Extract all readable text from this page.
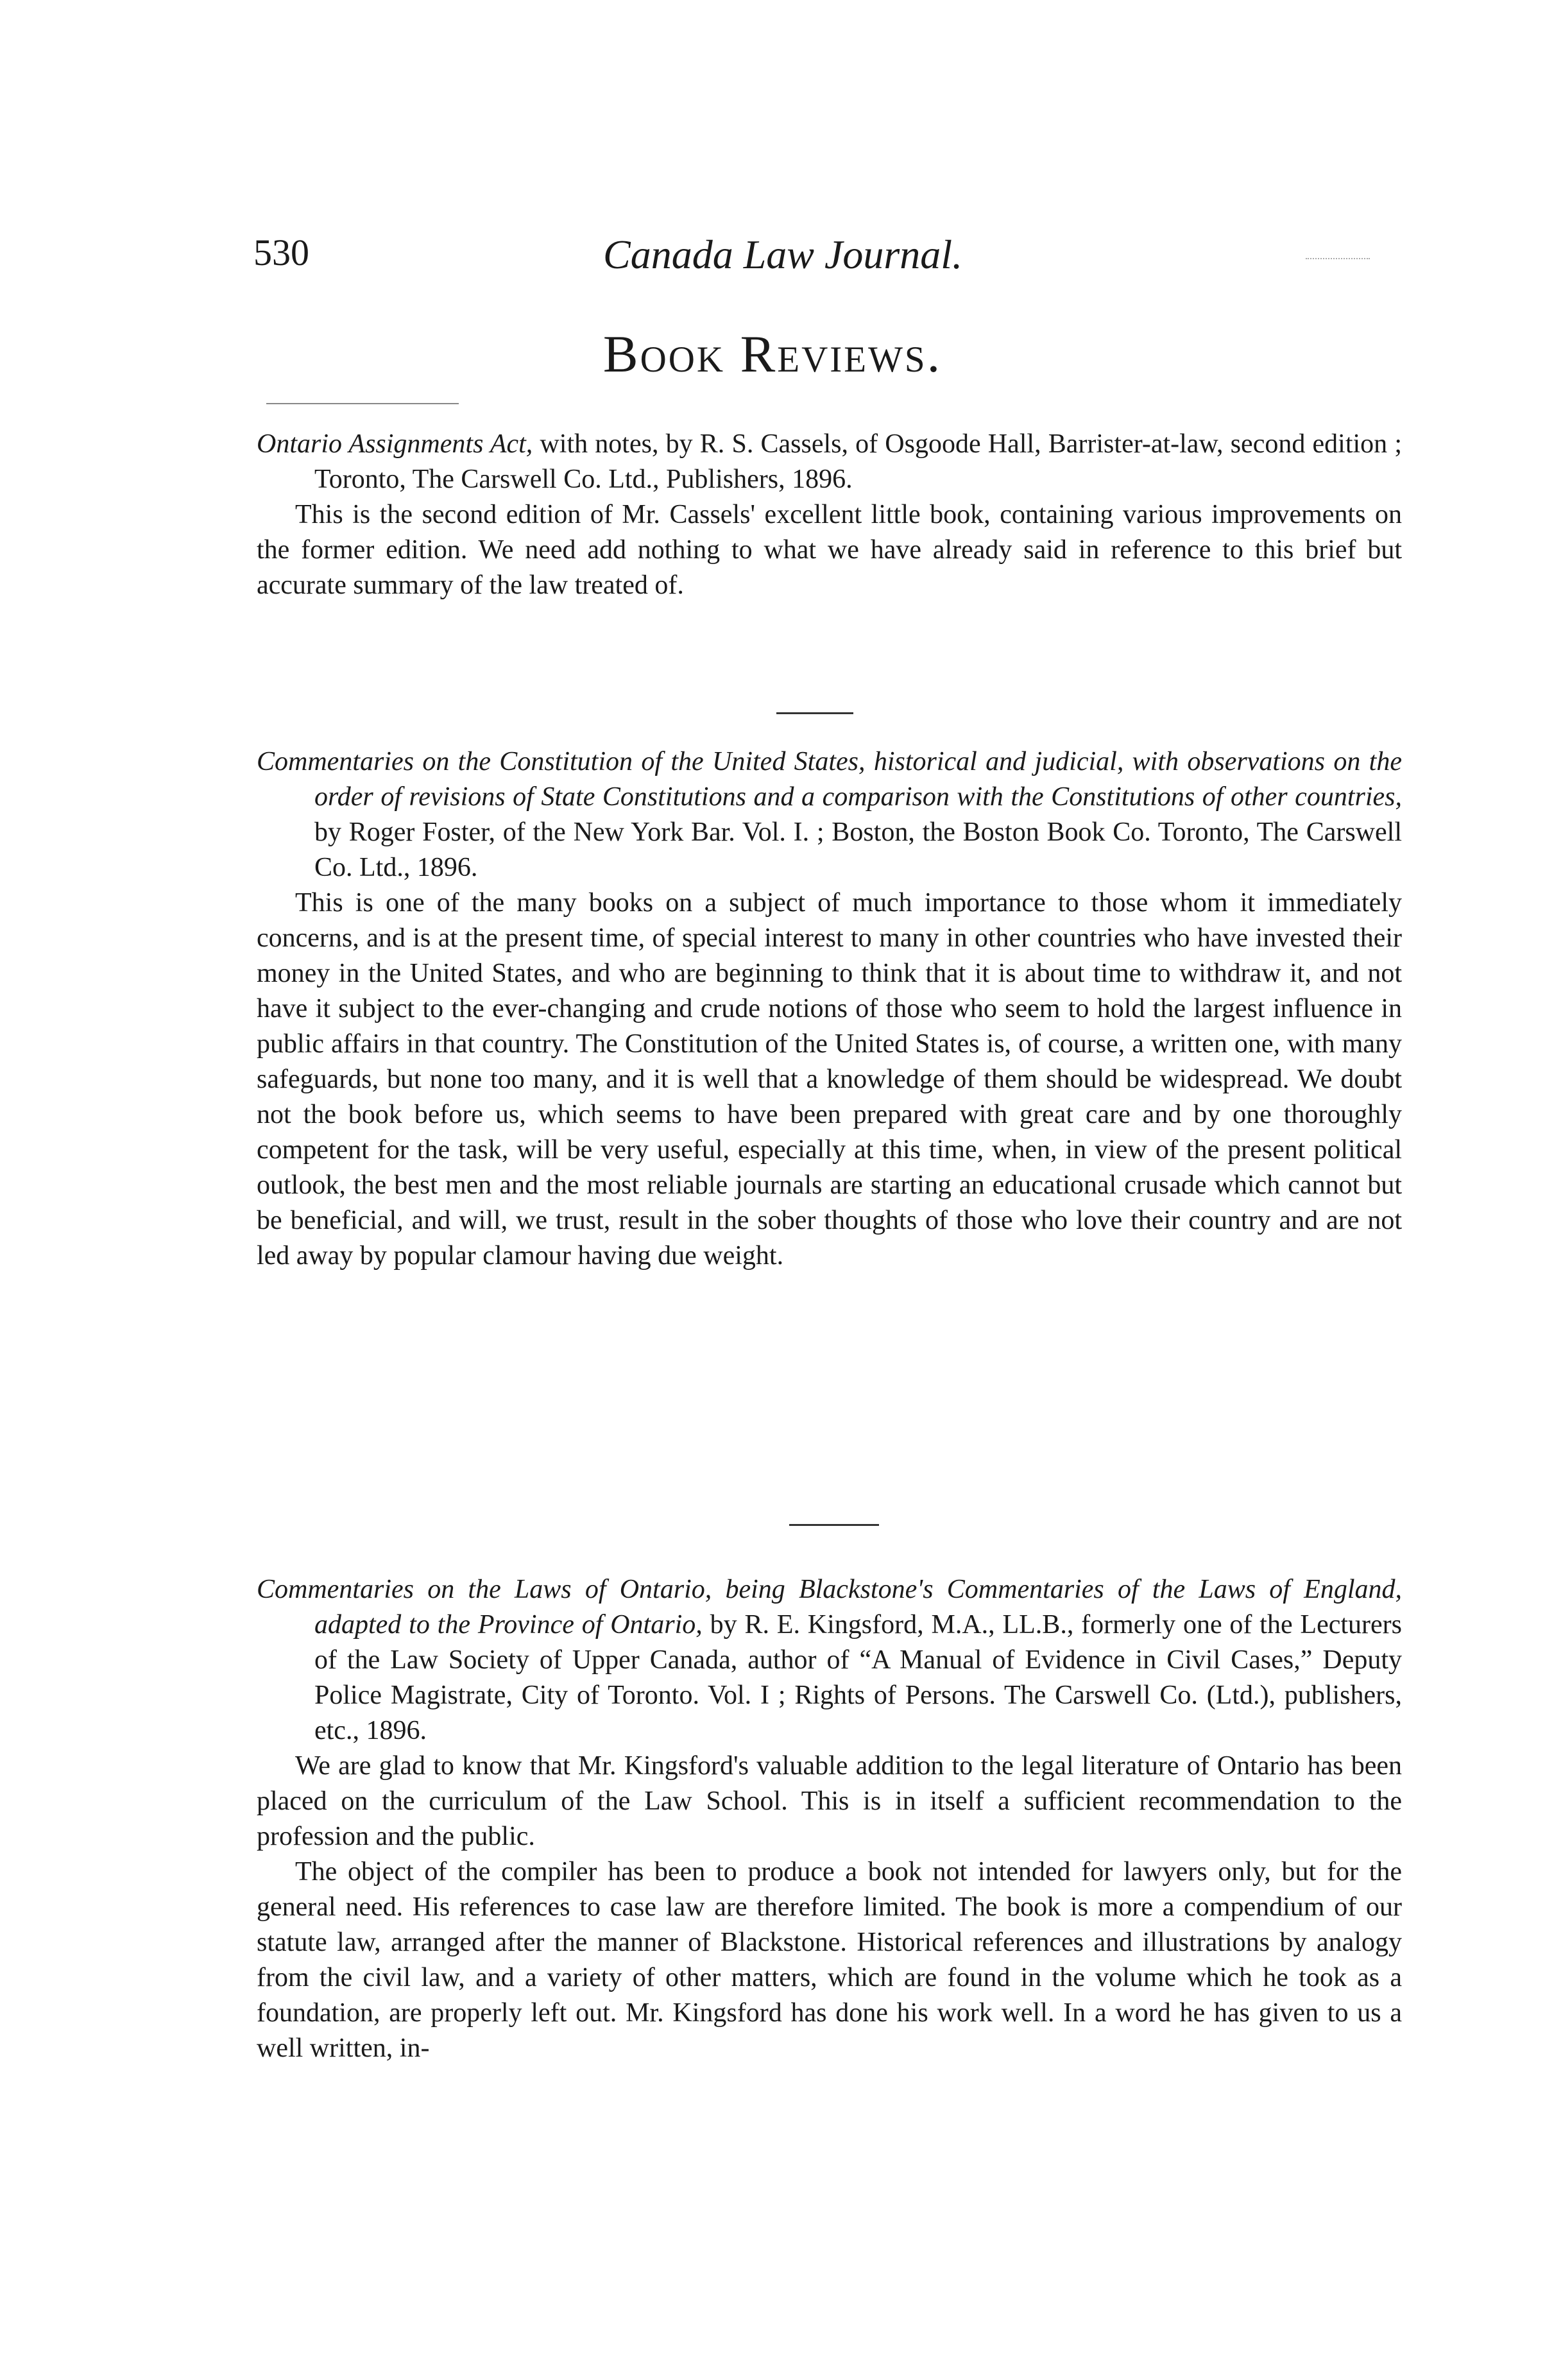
530	Canada Law Journal.
Book Reviews.

Ontario Assignments Act, with notes, by R. S. Cassels, of Osgoode Hall, Barrister-at-law, second edition ; Toronto, The Carswell Co. Ltd., Publishers, 1896.

This is the second edition of Mr. Cassels' excellent little book, containing various improvements on the former edition. We need add nothing to what we have already said in reference to this brief but accurate summary of the law treated of.

Commentaries on the Constitution of the United States, historical and judicial, with observations on the order of revisions of State Constitutions and a comparison with the Constitutions of other countries, by Roger Foster, of the New York Bar. Vol. I. ; Boston, the Boston Book Co. Toronto, The Carswell Co. Ltd., 1896.

This is one of the many books on a subject of much importance to those whom it immediately concerns, and is at the present time, of special interest to many in other countries who have invested their money in the United States, and who are beginning to think that it is about time to withdraw it, and not have it subject to the ever-changing and crude notions of those who seem to hold the largest influence in public affairs in that country. The Constitution of the United States is, of course, a written one, with many safeguards, but none too many, and it is well that a knowledge of them should be widespread. We doubt not the book before us, which seems to have been prepared with great care and by one thoroughly competent for the task, will be very useful, especially at this time, when, in view of the present political outlook, the best men and the most reliable journals are starting an educational crusade which cannot but be beneficial, and will, we trust, result in the sober thoughts of those who love their country and are not led away by popular clamour having due weight.

Commentaries on the Laws of Ontario, being Blackstone's Commentaries of the Laws of England, adapted to the Province of Ontario, by R. E. Kingsford, M.A., LL.B., formerly one of the Lecturers of the Law Society of Upper Canada, author of “A Manual of Evidence in Civil Cases,” Deputy Police Magistrate, City of Toronto. Vol. I ; Rights of Persons. The Carswell Co. (Ltd.), publishers, etc., 1896.

We are glad to know that Mr. Kingsford's valuable addition to the legal literature of Ontario has been placed on the curriculum of the Law School. This is in itself a sufficient recommendation to the profession and the public.

The object of the compiler has been to produce a book not intended for lawyers only, but for the general need. His references to case law are therefore limited. The book is more a compendium of our statute law, arranged after the manner of Blackstone. Historical references and illustrations by analogy from the civil law, and a variety of other matters, which are found in the volume which he took as a foundation, are properly left out. Mr. Kingsford has done his work well. In a word he has given to us a well written, in-
